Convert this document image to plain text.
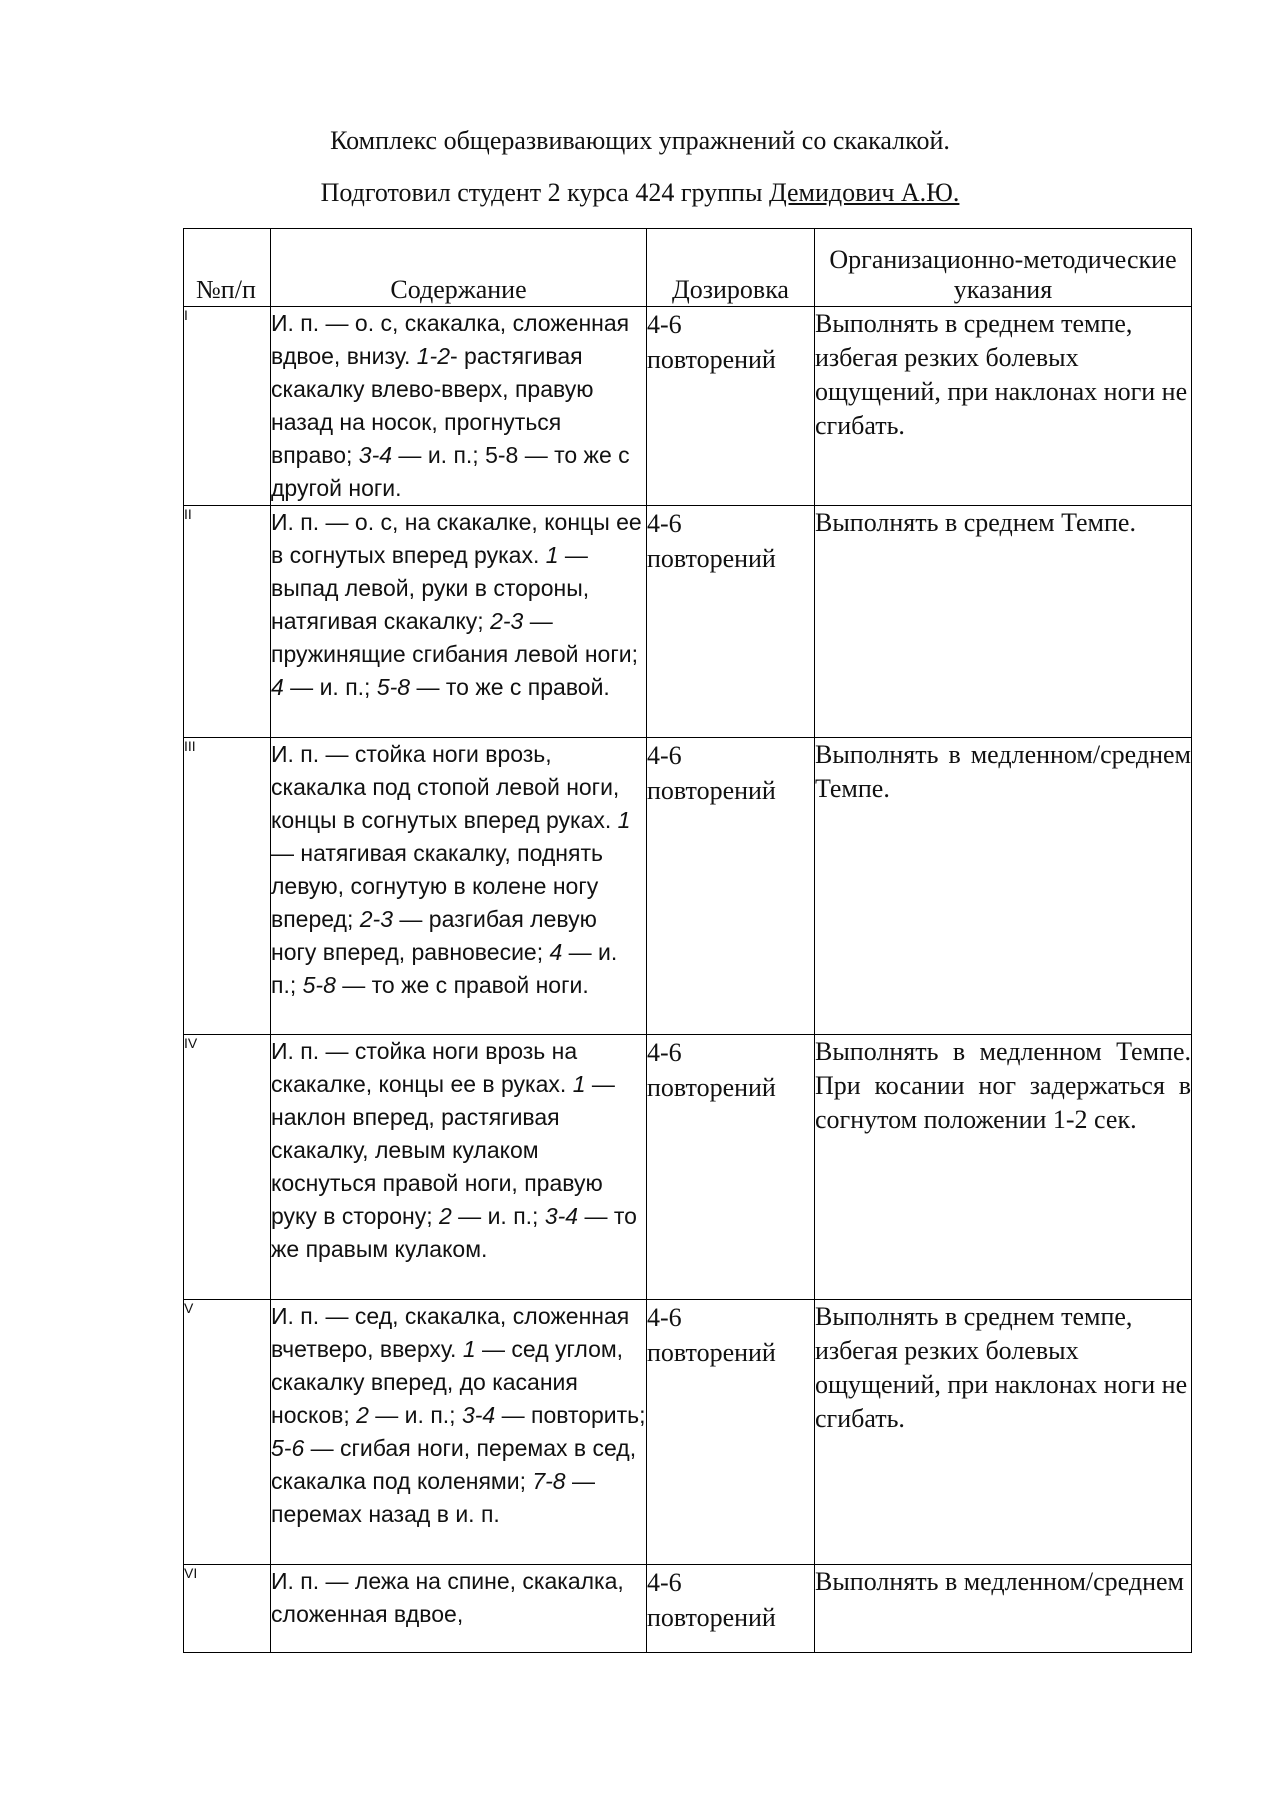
Комплекс общеразвивающих упражнений со скакалкой.
Подготовил студент 2 курса 424 группы Демидович А.Ю.
№п/п	Содержание	Дозировка	Организационно-методические указания
I	И. п. — о. с, скакалка, сложенная вдвое, внизу. 1-2- растягивая скакалку влево-вверх, правую назад на носок, прогнуться вправо; 3-4 — и. п.; 5-8 — то же с другой ноги.	4-6 повторений	Выполнять в среднем темпе, избегая резких болевых ощущений, при наклонах ноги не сгибать.
II	И. п. — о. с, на скакалке, концы ее в согнутых вперед руках. 1 — выпад левой, руки в стороны, натягивая скакалку; 2-3 — пружинящие сгибания левой ноги; 4 — и. п.; 5-8 — то же с правой.	4-6 повторений	Выполнять в среднем Темпе.
III	И. п. — стойка ноги врозь, скакалка под стопой левой ноги, концы в согнутых вперед руках. 1 — натягивая скакалку, поднять левую, согнутую в колене ногу вперед; 2-3 — разгибая левую ногу вперед, равновесие; 4 — и. п.; 5-8 — то же с правой ноги.	4-6 повторений	Выполнять в медленном/среднем Темпе.
IV	И. п. — стойка ноги врозь на скакалке, концы ее в руках. 1 — наклон вперед, растягивая скакалку, левым кулаком коснуться правой ноги, правую руку в сторону; 2 — и. п.; 3-4 — то же правым кулаком.	4-6 повторений	Выполнять в медленном Темпе. При косании ног задержаться в согнутом положении 1-2 сек.
V	И. п. — сед, скакалка, сложенная вчетверо, вверху. 1 — сед углом, скакалку вперед, до касания носков; 2 — и. п.; 3-4 — повторить; 5-6 — сгибая ноги, перемах в сед, скакалка под коленями; 7-8 — перемах назад в и. п.	4-6 повторений	Выполнять в среднем темпе, избегая резких болевых ощущений, при наклонах ноги не сгибать.
VI	И. п. — лежа на спине, скакалка, сложенная вдвое,	4-6 повторений	Выполнять в медленном/среднем
